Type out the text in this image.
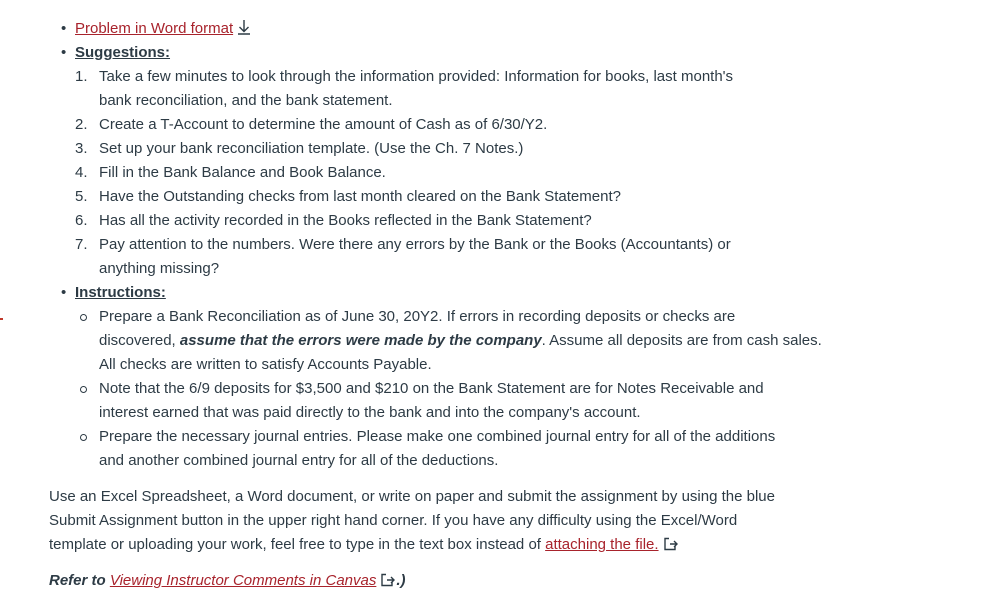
• Problem in Word format
• Suggestions:
1. Take a few minutes to look through the information provided: Information for books, last month's
bank reconciliation, and the bank statement.
2. Create a T-Account to determine the amount of Cash as of 6/30/Y2.
3. Set up your bank reconciliation template. (Use the Ch. 7 Notes.)
4. Fill in the Bank Balance and Book Balance.
5. Have the Outstanding checks from last month cleared on the Bank Statement?
6. Has all the activity recorded in the Books reflected in the Bank Statement?
7. Pay attention to the numbers. Were there any errors by the Bank or the Books (Accountants) or
anything missing?
• Instructions:
Prepare a Bank Reconciliation as of June 30, 20Y2. If errors in recording deposits or checks are
discovered, assume that the errors were made by the company. Assume all deposits are from cash sales.
All checks are written to satisfy Accounts Payable.
Note that the 6/9 deposits for $3,500 and $210 on the Bank Statement are for Notes Receivable and
interest earned that was paid directly to the bank and into the company's account.
Prepare the necessary journal entries. Please make one combined journal entry for all of the additions
and another combined journal entry for all of the deductions.
Use an Excel Spreadsheet, a Word document, or write on paper and submit the assignment by using the blue
Submit Assignment button in the upper right hand corner. If you have any difficulty using the Excel/Word
template or uploading your work, feel free to type in the text box instead of attaching the file.
Refer to Viewing Instructor Comments in Canvas .)
